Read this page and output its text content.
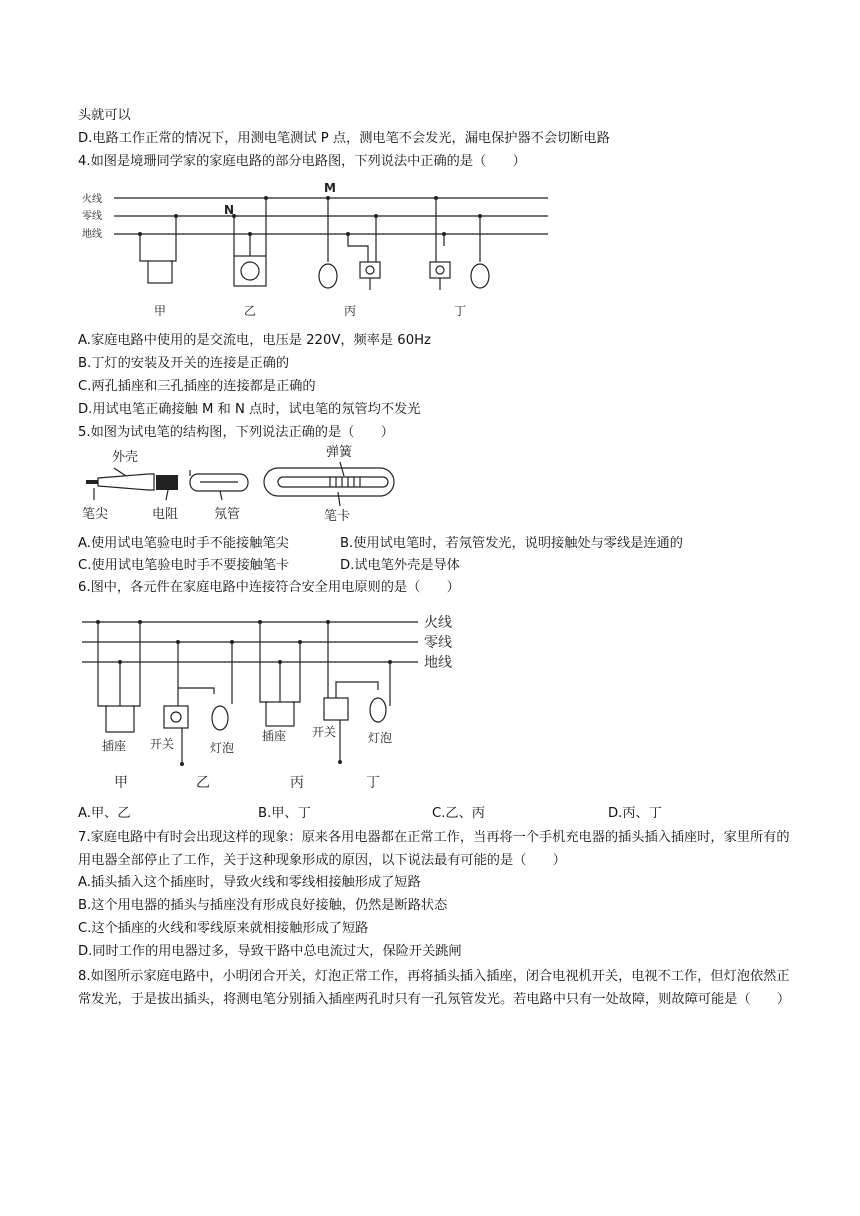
头就可以
D.电路工作正常的情况下，用测电笔测试 P 点，测电笔不会发光，漏电保护器不会切断电路
4.如图是境珊同学家的家庭电路的部分电路图，下列说法中正确的是（　　）
火线
零线
地线
M
N
甲	乙	丙	丁
A.家庭电路中使用的是交流电，电压是 220V，频率是 60Hz
B.丁灯的安装及开关的连接是正确的
C.两孔插座和三孔插座的连接都是正确的
D.用试电笔正确接触 M 和 N 点时，试电笔的氖管均不发光
5.如图为试电笔的结构图，下列说法正确的是（　　）
外壳
笔尖	电阻	氖管
弹簧
笔卡
A.使用试电笔验电时手不能接触笔尖	B.使用试电笔时，若氖管发光，说明接触处与零线是连通的
C.使用试电笔验电时手不要接触笔卡	D.试电笔外壳是导体
6.图中，各元件在家庭电路中连接符合安全用电原则的是（　　）
火线
零线
地线
插座 开关	灯泡
插座 开关	灯泡
甲	乙	丙	丁
A.甲、乙	B.甲、丁	C.乙、丙	D.丙、丁
7.家庭电路中有时会出现这样的现象：原来各用电器都在正常工作，当再将一个手机充电器的插头插入插座时，家里所有的用电器全部停止了工作，关于这种现象形成的原因，以下说法最有可能的是（　　）
A.插头插入这个插座时，导致火线和零线相接触形成了短路
B.这个用电器的插头与插座没有形成良好接触，仍然是断路状态
C.这个插座的火线和零线原来就相接触形成了短路
D.同时工作的用电器过多，导致干路中总电流过大，保险开关跳闸
8.如图所示家庭电路中，小明闭合开关，灯泡正常工作，再将插头插入插座，闭合电视机开关，电视不工作，但灯泡依然正常发光，于是拔出插头，将测电笔分别插入插座两孔时只有一孔氖管发光。若电路中只有一处故障，则故障可能是（　　）
